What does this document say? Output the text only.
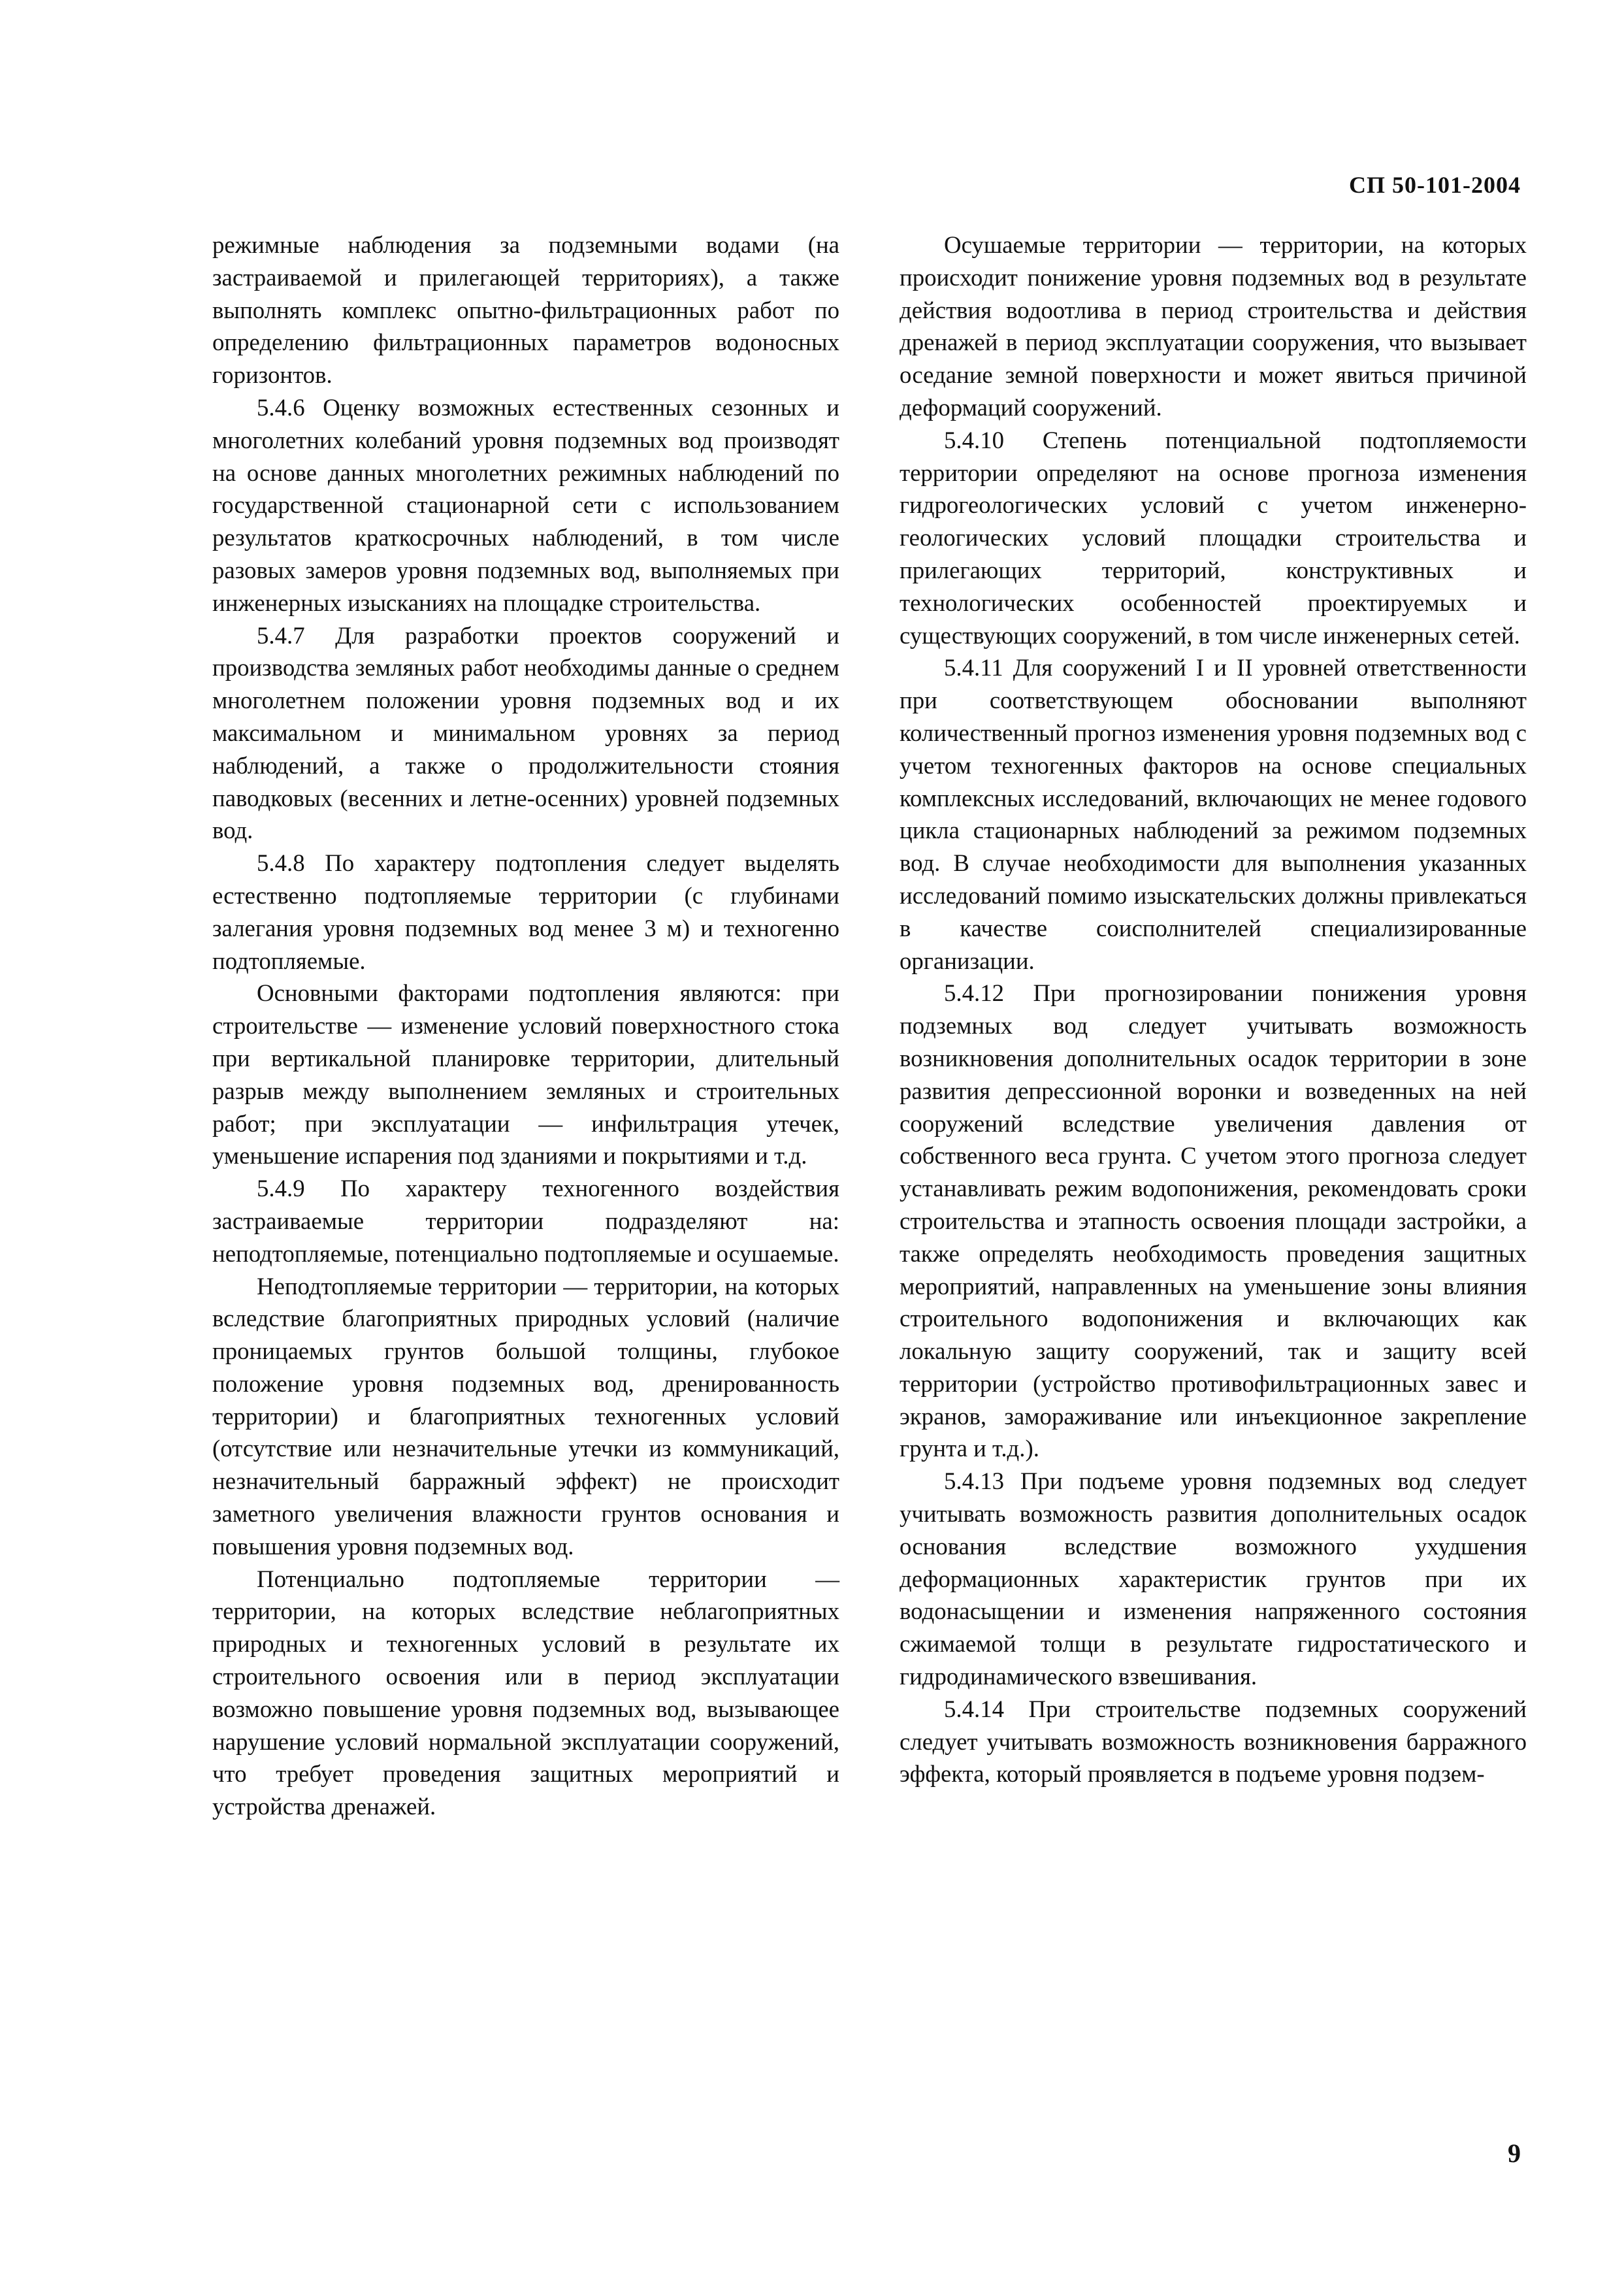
СП 50-101-2004

режимные наблюдения за подземными водами (на застраиваемой и прилегающей территориях), а также выполнять комплекс опытно-фильтрационных работ по определению фильтрационных параметров водоносных горизонтов.

5.4.6 Оценку возможных естественных сезонных и многолетних колебаний уровня подземных вод производят на основе данных многолетних режимных наблюдений по государственной стационарной сети с использованием результатов краткосрочных наблюдений, в том числе разовых замеров уровня подземных вод, выполняемых при инженерных изысканиях на площадке строительства.

5.4.7 Для разработки проектов сооружений и производства земляных работ необходимы данные о среднем многолетнем положении уровня подземных вод и их максимальном и минимальном уровнях за период наблюдений, а также о продолжительности стояния паводковых (весенних и летне-осенних) уровней подземных вод.

5.4.8 По характеру подтопления следует выделять естественно подтопляемые территории (с глубинами залегания уровня подземных вод менее 3 м) и техногенно подтопляемые.

Основными факторами подтопления являются: при строительстве — изменение условий поверхностного стока при вертикальной планировке территории, длительный разрыв между выполнением земляных и строительных работ; при эксплуатации — инфильтрация утечек, уменьшение испарения под зданиями и покрытиями и т.д.

5.4.9 По характеру техногенного воздействия застраиваемые территории подразделяют на: неподтопляемые, потенциально подтопляемые и осушаемые.

Неподтопляемые территории — территории, на которых вследствие благоприятных природных условий (наличие проницаемых грунтов большой толщины, глубокое положение уровня подземных вод, дренированность территории) и благоприятных техногенных условий (отсутствие или незначительные утечки из коммуникаций, незначительный барражный эффект) не происходит заметного увеличения влажности грунтов основания и повышения уровня подземных вод.

Потенциально подтопляемые территории — территории, на которых вследствие неблагоприятных природных и техногенных условий в результате их строительного освоения или в период эксплуатации возможно повышение уровня подземных вод, вызывающее нарушение условий нормальной эксплуатации сооружений, что требует проведения защитных мероприятий и устройства дренажей.

Осушаемые территории — территории, на которых происходит понижение уровня подземных вод в результате действия водоотлива в период строительства и действия дренажей в период эксплуатации сооружения, что вызывает оседание земной поверхности и может явиться причиной деформаций сооружений.

5.4.10 Степень потенциальной подтопляемости территории определяют на основе прогноза изменения гидрогеологических условий с учетом инженерно-геологических условий площадки строительства и прилегающих территорий, конструктивных и технологических особенностей проектируемых и существующих сооружений, в том числе инженерных сетей.

5.4.11 Для сооружений I и II уровней ответственности при соответствующем обосновании выполняют количественный прогноз изменения уровня подземных вод с учетом техногенных факторов на основе специальных комплексных исследований, включающих не менее годового цикла стационарных наблюдений за режимом подземных вод. В случае необходимости для выполнения указанных исследований помимо изыскательских должны привлекаться в качестве соисполнителей специализированные организации.

5.4.12 При прогнозировании понижения уровня подземных вод следует учитывать возможность возникновения дополнительных осадок территории в зоне развития депрессионной воронки и возведенных на ней сооружений вследствие увеличения давления от собственного веса грунта. С учетом этого прогноза следует устанавливать режим водопонижения, рекомендовать сроки строительства и этапность освоения площади застройки, а также определять необходимость проведения защитных мероприятий, направленных на уменьшение зоны влияния строительного водопонижения и включающих как локальную защиту сооружений, так и защиту всей территории (устройство противофильтрационных завес и экранов, замораживание или инъекционное закрепление грунта и т.д.).

5.4.13 При подъеме уровня подземных вод следует учитывать возможность развития дополнительных осадок основания вследствие возможного ухудшения деформационных характеристик грунтов при их водонасыщении и изменения напряженного состояния сжимаемой толщи в результате гидростатического и гидродинамического взвешивания.

5.4.14 При строительстве подземных сооружений следует учитывать возможность возникновения барражного эффекта, который проявляется в подъеме уровня подзем-

9
